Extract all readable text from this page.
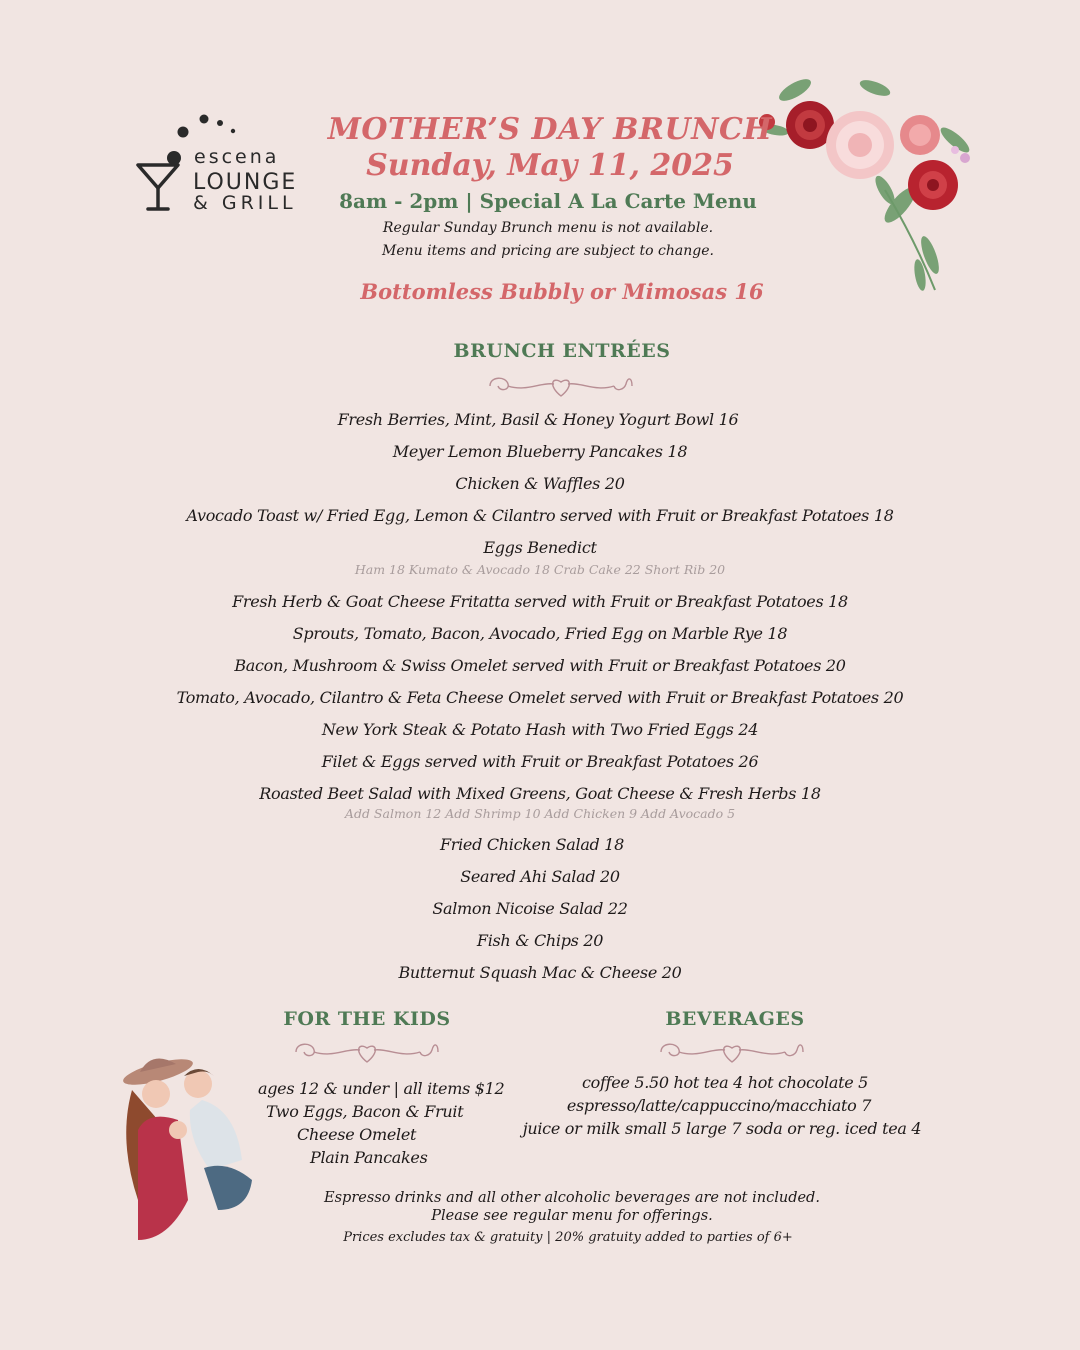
escena
LOUNGE
& GRILL
MOTHER’S DAY BRUNCH
Sunday, May 11, 2025
8am - 2pm | Special A La Carte Menu
Regular Sunday Brunch menu is not available.
Menu items and pricing are subject to change.
Bottomless Bubbly or Mimosas 16
BRUNCH ENTRÉES
Fresh Berries, Mint, Basil & Honey Yogurt Bowl 16
Meyer Lemon Blueberry Pancakes 18
Chicken & Waffles 20
Avocado Toast w/ Fried Egg, Lemon & Cilantro served with Fruit or Breakfast Potatoes 18
Eggs Benedict
Ham 18 Kumato & Avocado 18 Crab Cake 22 Short Rib 20
Fresh Herb & Goat Cheese Fritatta served with Fruit or Breakfast Potatoes 18
Sprouts, Tomato, Bacon, Avocado, Fried Egg on Marble Rye 18
Bacon, Mushroom & Swiss Omelet served with Fruit or Breakfast Potatoes 20
Tomato, Avocado, Cilantro & Feta Cheese Omelet served with Fruit or Breakfast Potatoes 20
New York Steak & Potato Hash with Two Fried Eggs 24
Filet & Eggs served with Fruit or Breakfast Potatoes 26
Roasted Beet Salad with Mixed Greens, Goat Cheese & Fresh Herbs 18
Add Salmon 12 Add Shrimp 10 Add Chicken 9 Add Avocado 5
Fried Chicken Salad 18
Seared Ahi Salad 20
Salmon Nicoise Salad 22
Fish & Chips 20
Butternut Squash Mac & Cheese 20
FOR THE KIDS
ages 12 & under | all items $12
Two Eggs, Bacon & Fruit
Cheese Omelet
Plain Pancakes
BEVERAGES
coffee 5.50 hot tea 4 hot chocolate 5
espresso/latte/cappuccino/macchiato 7
juice or milk small 5 large 7 soda or reg. iced tea 4
Espresso drinks and all other alcoholic beverages are not included.
Please see regular menu for offerings.
Prices excludes tax & gratuity | 20% gratuity added to parties of 6+
